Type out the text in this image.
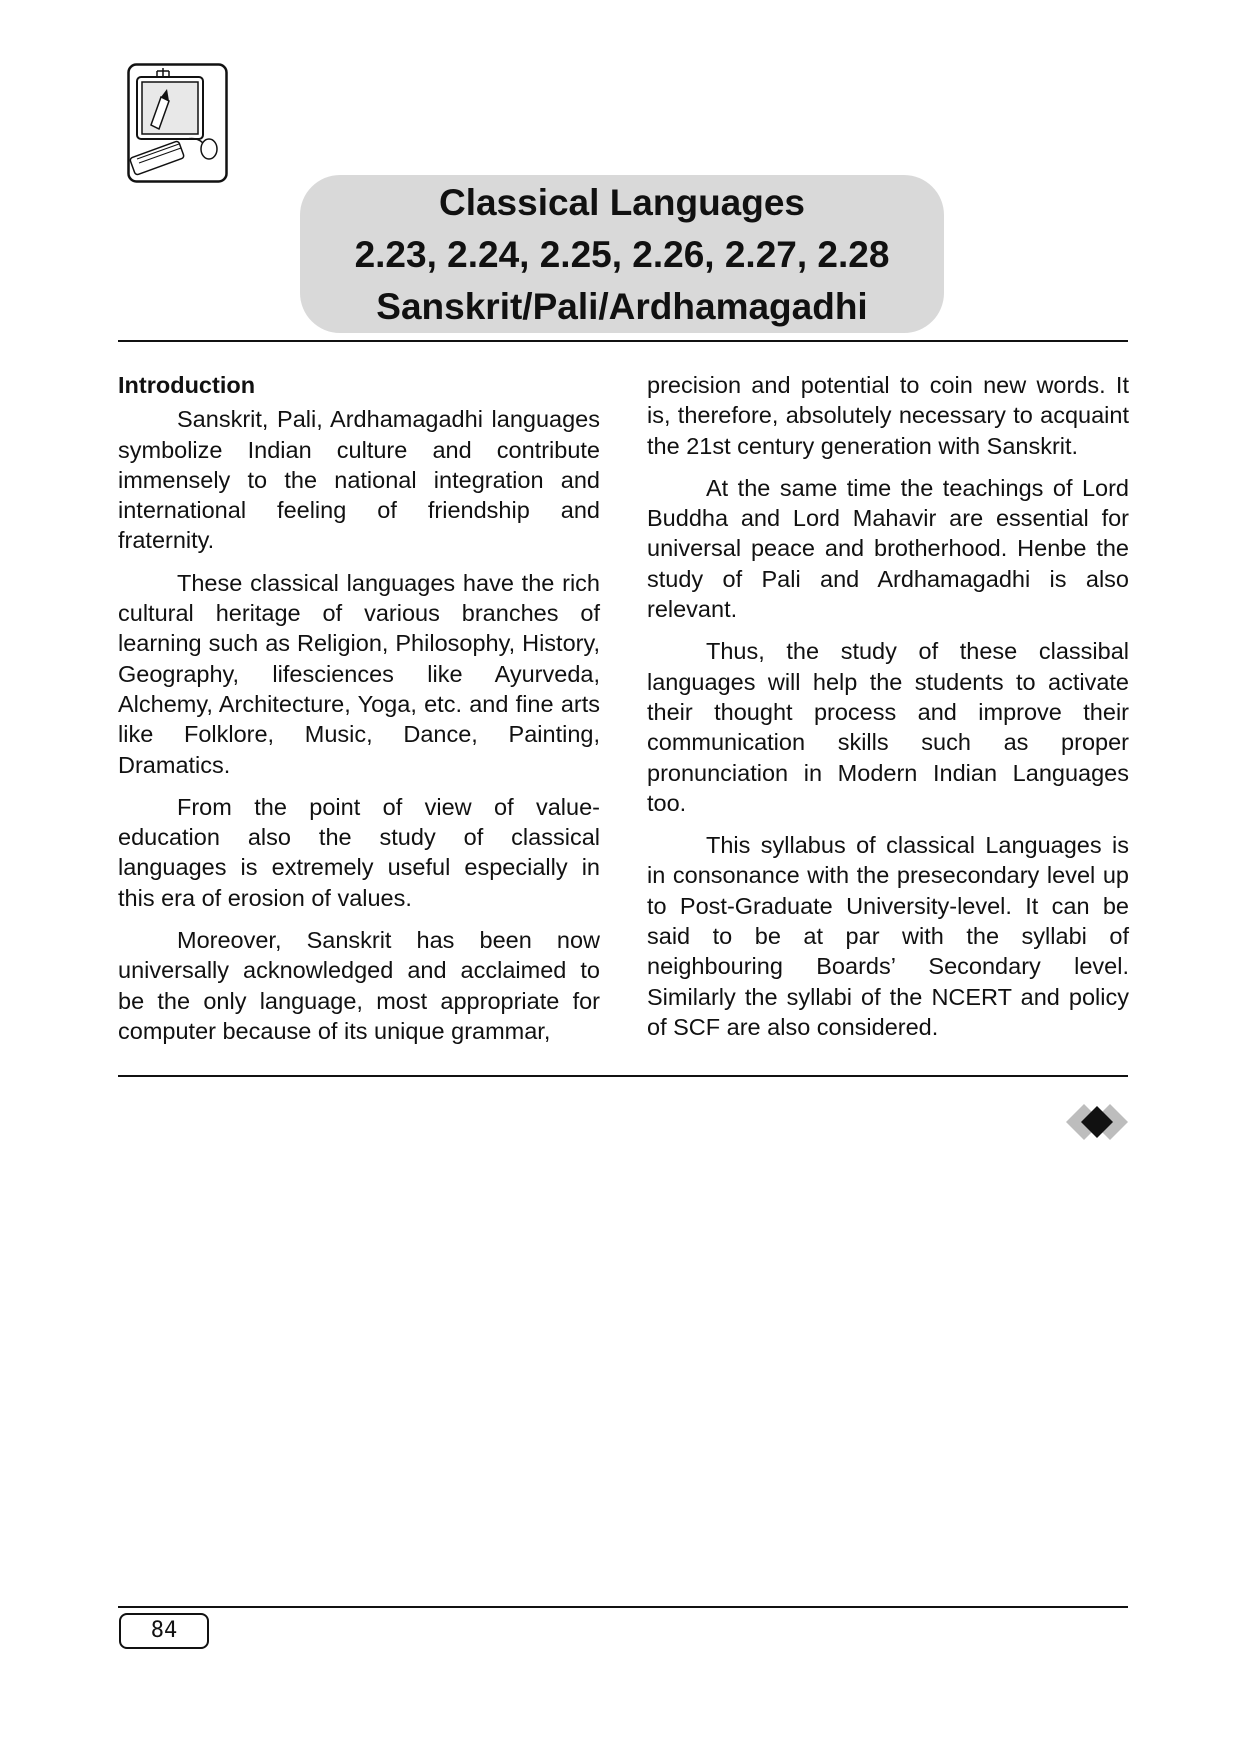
Classical Languages
2.23, 2.24, 2.25, 2.26, 2.27, 2.28
Sanskrit/Pali/Ardhamagadhi
Introduction

Sanskrit, Pali, Ardhamagadhi languages symbolize Indian culture and contribute immensely to the national integration and international feeling of friendship and fraternity.

These classical languages have the rich cultural heritage of various branches of learning such as Religion, Philosophy, History, Geography, lifesciences like Ayurveda, Alchemy, Architecture, Yoga, etc. and fine arts like Folklore, Music, Dance, Painting, Dramatics.

From the point of view of value-education also the study of classical languages is extremely useful especially in this era of erosion of values.

Moreover, Sanskrit has been now universally acknowledged and acclaimed to be the only language, most appropriate for computer because of its unique grammar,

precision and potential to coin new words. It is, therefore, absolutely necessary to acquaint the 21st century generation with Sanskrit.

At the same time the teachings of Lord Buddha and Lord Mahavir are essential for universal peace and brotherhood. Henbe the study of Pali and Ardhamagadhi is also relevant.

Thus, the study of these classibal languages will help the students to activate their thought process and improve their communication skills such as proper pronunciation in Modern Indian Languages too.

This syllabus of classical Languages is in consonance with the presecondary level up to Post-Graduate University-level. It can be said to be at par with the syllabi of neighbouring Boards’ Secondary level. Similarly the syllabi of the NCERT and policy of SCF are also considered.

84
